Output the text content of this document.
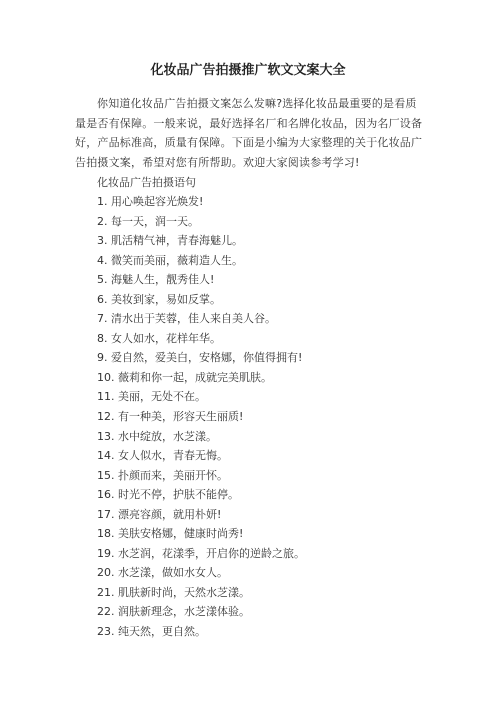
化妆品广告拍摄推广软文文案大全
你知道化妆品广告拍摄文案怎么发嘛?选择化妆品最重要的是看质量是否有保障。一般来说，最好选择名厂和名牌化妆品，因为名厂设备好，产品标准高，质量有保障。下面是小编为大家整理的关于化妆品广告拍摄文案，希望对您有所帮助。欢迎大家阅读参考学习!
化妆品广告拍摄语句
1. 用心唤起容光焕发!
2. 每一天，润一天。
3. 肌活精气神，青春海魅儿。
4. 微笑而美丽，薇莉造人生。
5. 海魅人生，靓秀佳人!
6. 美妆到家，易如反掌。
7. 清水出于芙蓉，佳人来自美人谷。
8. 女人如水，花样年华。
9. 爱自然，爱美白，安格娜，你值得拥有!
10. 薇莉和你一起，成就完美肌肤。
11. 美丽，无处不在。
12. 有一种美，形容天生丽质!
13. 水中绽放，水芝漾。
14. 女人似水，青春无悔。
15. 扑颜而来，美丽开怀。
16. 时光不停，护肤不能停。
17. 漂亮容颜，就用朴妍!
18. 美肤安格娜，健康时尚秀!
19. 水芝润，花漾季，开启你的逆龄之旅。
20. 水芝漾，做如水女人。
21. 肌肤新时尚，天然水芝漾。
22. 润肤新理念，水芝漾体验。
23. 纯天然，更自然。
